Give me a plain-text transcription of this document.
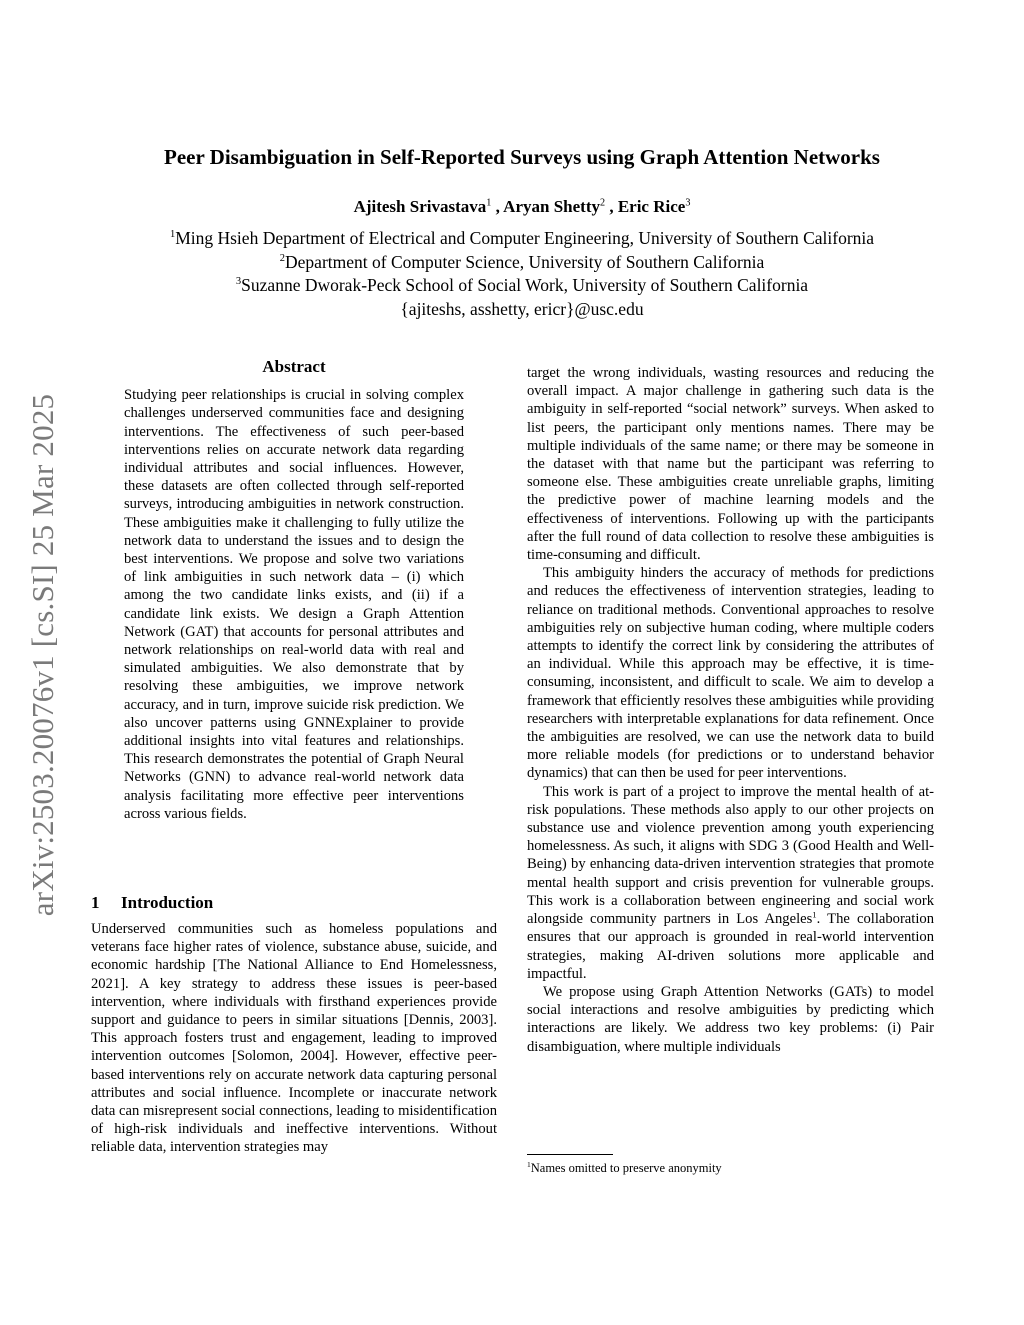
arXiv:2503.20076v1 [cs.SI] 25 Mar 2025
Peer Disambiguation in Self-Reported Surveys using Graph Attention Networks
Ajitesh Srivastava$^1$ , Aryan Shetty$^2$ , Eric Rice$^3$
$^1$Ming Hsieh Department of Electrical and Computer Engineering, University of Southern California
$^2$Department of Computer Science, University of Southern California
$^3$Suzanne Dworak-Peck School of Social Work, University of Southern California
{ajiteshs, asshetty, ericr}@usc.edu
Abstract

Studying peer relationships is crucial in solving complex challenges underserved communities face and designing interventions. The effectiveness of such peer-based interventions relies on accurate network data regarding individual attributes and social influences. However, these datasets are often collected through self-reported surveys, introducing ambiguities in network construction. These ambiguities make it challenging to fully utilize the network data to understand the issues and to design the best interventions. We propose and solve two variations of link ambiguities in such network data – (i) which among the two candidate links exists, and (ii) if a candidate link exists. We design a Graph Attention Network (GAT) that accounts for personal attributes and network relationships on real-world data with real and simulated ambiguities. We also demonstrate that by resolving these ambiguities, we improve network accuracy, and in turn, improve suicide risk prediction. We also uncover patterns using GNNExplainer to provide additional insights into vital features and relationships. This research demonstrates the potential of Graph Neural Networks (GNN) to advance real-world network data analysis facilitating more effective peer interventions across various fields.

1 Introduction

Underserved communities such as homeless populations and veterans face higher rates of violence, substance abuse, suicide, and economic hardship [The National Alliance to End Homelessness, 2021]. A key strategy to address these issues is peer-based intervention, where individuals with firsthand experiences provide support and guidance to peers in similar situations [Dennis, 2003]. This approach fosters trust and engagement, leading to improved intervention outcomes [Solomon, 2004]. However, effective peer-based interventions rely on accurate network data capturing personal attributes and social influence. Incomplete or inaccurate network data can misrepresent social connections, leading to misidentification of high-risk individuals and ineffective interventions. Without reliable data, intervention strategies may

target the wrong individuals, wasting resources and reducing the overall impact. A major challenge in gathering such data is the ambiguity in self-reported “social network” surveys. When asked to list peers, the participant only mentions names. There may be multiple individuals of the same name; or there may be someone in the dataset with that name but the participant was referring to someone else. These ambiguities create unreliable graphs, limiting the predictive power of machine learning models and the effectiveness of interventions. Following up with the participants after the full round of data collection to resolve these ambiguities is time-consuming and difficult.

This ambiguity hinders the accuracy of methods for predictions and reduces the effectiveness of intervention strategies, leading to reliance on traditional methods. Conventional approaches to resolve ambiguities rely on subjective human coding, where multiple coders attempts to identify the correct link by considering the attributes of an individual. While this approach may be effective, it is time-consuming, inconsistent, and difficult to scale. We aim to develop a framework that efficiently resolves these ambiguities while providing researchers with interpretable explanations for data refinement. Once the ambiguities are resolved, we can use the network data to build more reliable models (for predictions or to understand behavior dynamics) that can then be used for peer interventions.

This work is part of a project to improve the mental health of at-risk populations. These methods also apply to our other projects on substance use and violence prevention among youth experiencing homelessness. As such, it aligns with SDG 3 (Good Health and Well-Being) by enhancing data-driven intervention strategies that promote mental health support and crisis prevention for vulnerable groups. This work is a collaboration between engineering and social work alongside community partners in Los Angeles$^1$. The collaboration ensures that our approach is grounded in real-world intervention strategies, making AI-driven solutions more applicable and impactful.

We propose using Graph Attention Networks (GATs) to model social interactions and resolve ambiguities by predicting which interactions are likely. We address two key problems: (i) Pair disambiguation, where multiple individuals

$^1$Names omitted to preserve anonymity
